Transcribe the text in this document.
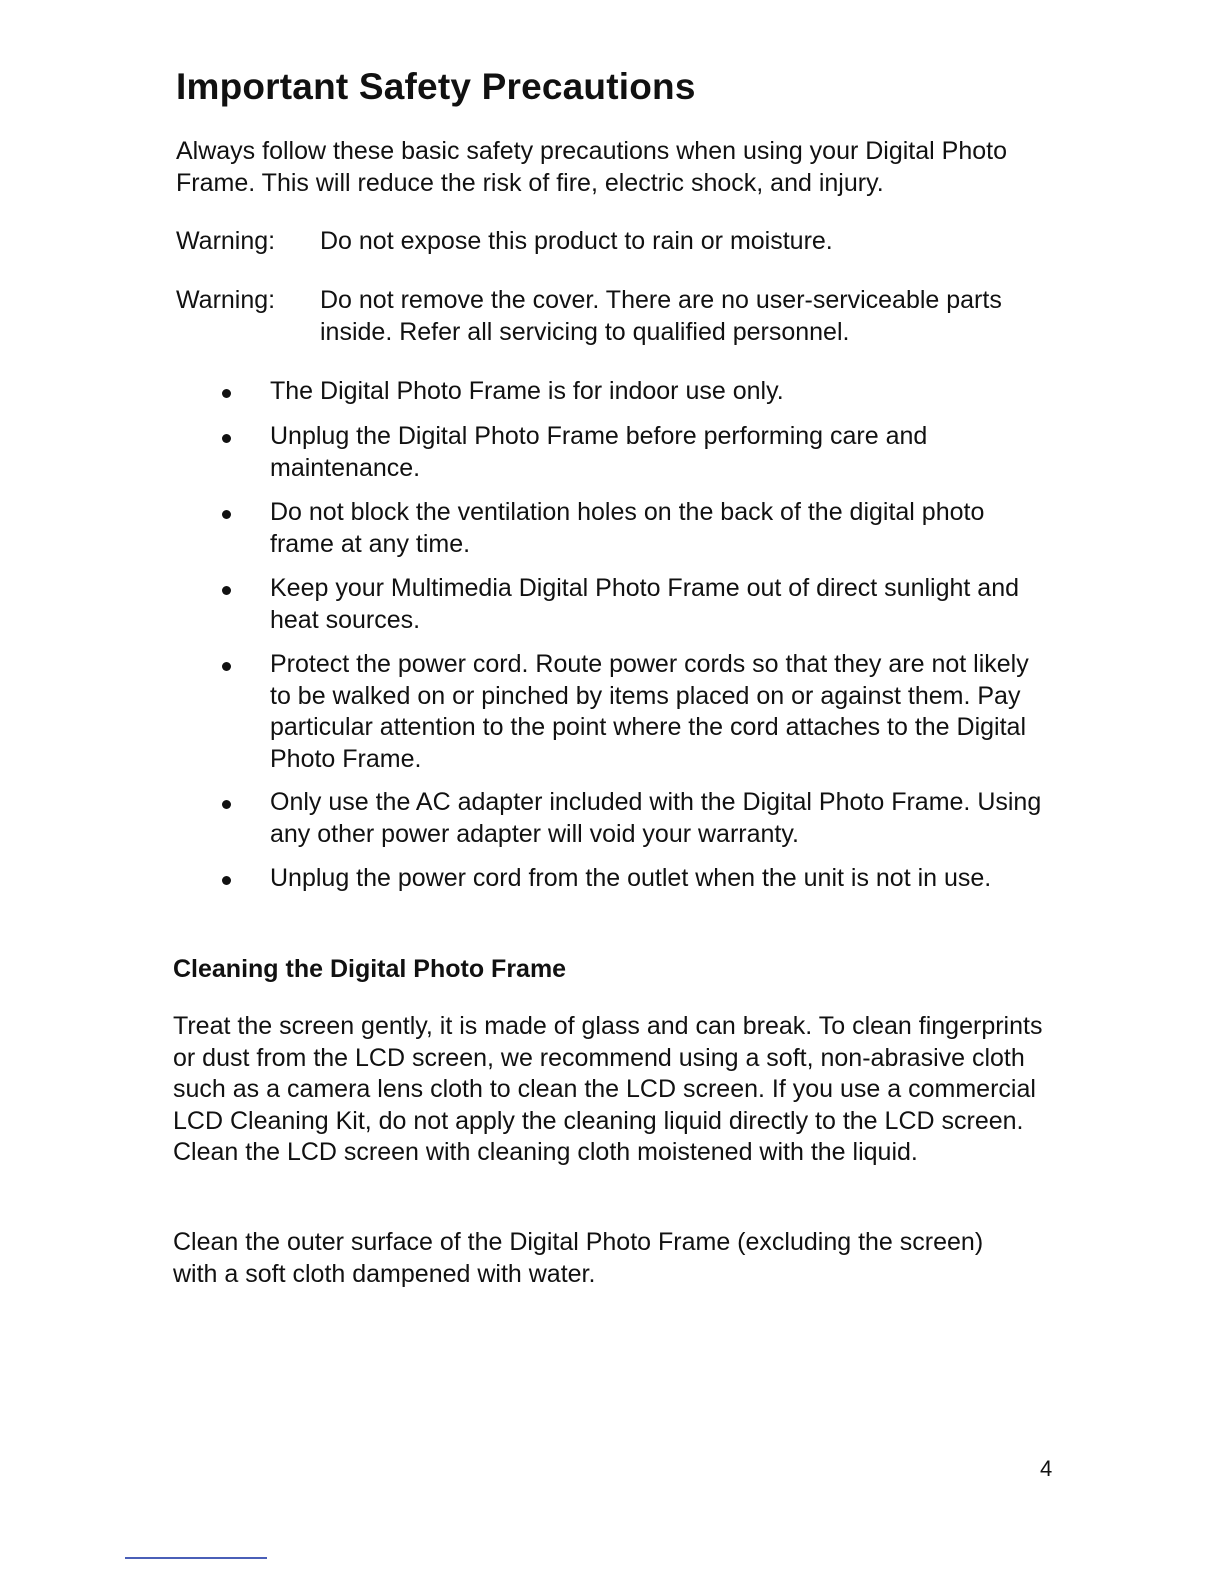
Important Safety Precautions

Always follow these basic safety precautions when using your Digital Photo Frame. This will reduce the risk of fire, electric shock, and injury.

Warning: Do not expose this product to rain or moisture.
Warning: Do not remove the cover. There are no user-serviceable parts inside. Refer all servicing to qualified personnel.
The Digital Photo Frame is for indoor use only.
Unplug the Digital Photo Frame before performing care and maintenance.
Do not block the ventilation holes on the back of the digital photo frame at any time.
Keep your Multimedia Digital Photo Frame out of direct sunlight and heat sources.
Protect the power cord. Route power cords so that they are not likely to be walked on or pinched by items placed on or against them. Pay particular attention to the point where the cord attaches to the Digital Photo Frame.
Only use the AC adapter included with the Digital Photo Frame. Using any other power adapter will void your warranty.
Unplug the power cord from the outlet when the unit is not in use.
Cleaning the Digital Photo Frame

Treat the screen gently, it is made of glass and can break. To clean fingerprints or dust from the LCD screen, we recommend using a soft, non-abrasive cloth such as a camera lens cloth to clean the LCD screen. If you use a commercial LCD Cleaning Kit, do not apply the cleaning liquid directly to the LCD screen. Clean the LCD screen with cleaning cloth moistened with the liquid.

Clean the outer surface of the Digital Photo Frame (excluding the screen) with a soft cloth dampened with water.

4
